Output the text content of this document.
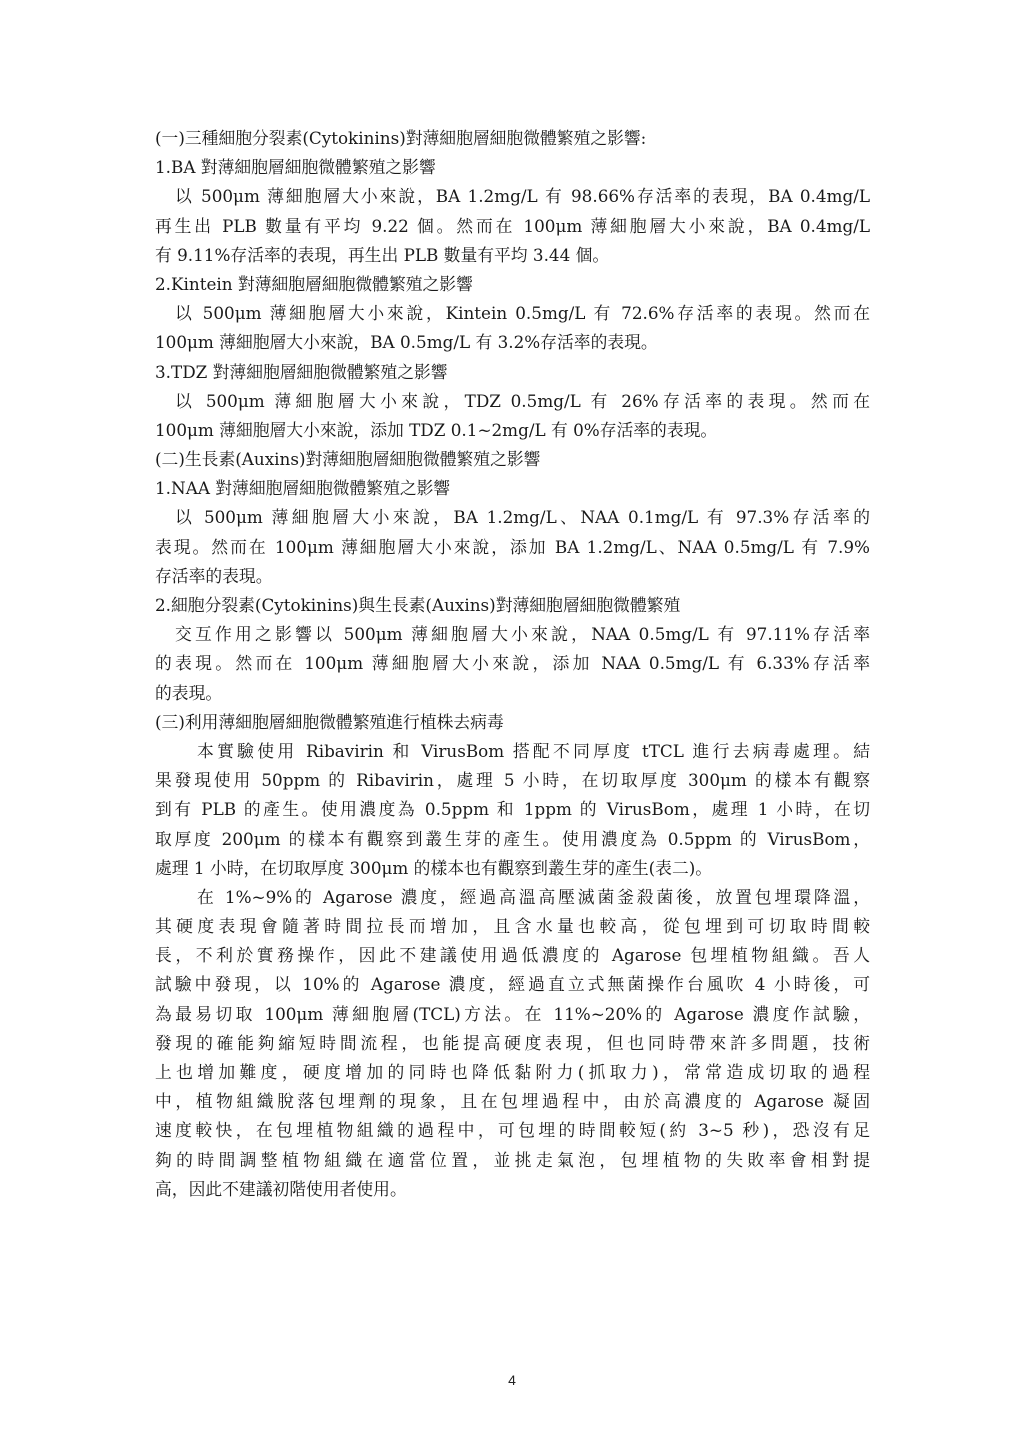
(一)三種細胞分裂素(Cytokinins)對薄細胞層細胞微體繁殖之影響:
1.BA 對薄細胞層細胞微體繁殖之影響
以 500μm 薄細胞層大小來說，BA 1.2mg/L 有 98.66%存活率的表現，BA 0.4mg/L
再生出 PLB 數量有平均 9.22 個。然而在 100μm 薄細胞層大小來說，BA 0.4mg/L
有 9.11%存活率的表現，再生出 PLB 數量有平均 3.44 個。
2.Kintein 對薄細胞層細胞微體繁殖之影響
以 500μm 薄細胞層大小來說，Kintein 0.5mg/L 有 72.6%存活率的表現。然而在
100μm 薄細胞層大小來說，BA 0.5mg/L 有 3.2%存活率的表現。
3.TDZ 對薄細胞層細胞微體繁殖之影響
以 500μm 薄細胞層大小來說，TDZ 0.5mg/L 有 26%存活率的表現。然而在
100μm 薄細胞層大小來說，添加 TDZ 0.1~2mg/L 有 0%存活率的表現。
(二)生長素(Auxins)對薄細胞層細胞微體繁殖之影響
1.NAA 對薄細胞層細胞微體繁殖之影響
以 500μm 薄細胞層大小來說，BA 1.2mg/L、NAA 0.1mg/L 有 97.3%存活率的
表現。然而在 100μm 薄細胞層大小來說，添加 BA 1.2mg/L、NAA 0.5mg/L 有 7.9%
存活率的表現。
2.細胞分裂素(Cytokinins)與生長素(Auxins)對薄細胞層細胞微體繁殖
交互作用之影響以 500μm 薄細胞層大小來說，NAA 0.5mg/L 有 97.11%存活率
的表現。然而在 100μm 薄細胞層大小來說，添加 NAA 0.5mg/L 有 6.33%存活率
的表現。
(三)利用薄細胞層細胞微體繁殖進行植株去病毒
本實驗使用 Ribavirin 和 VirusBom 搭配不同厚度 tTCL 進行去病毒處理。結
果發現使用 50ppm 的 Ribavirin，處理 5 小時，在切取厚度 300μm 的樣本有觀察
到有 PLB 的產生。使用濃度為 0.5ppm 和 1ppm 的 VirusBom，處理 1 小時，在切
取厚度 200μm 的樣本有觀察到叢生芽的產生。使用濃度為 0.5ppm 的 VirusBom，
處理 1 小時，在切取厚度 300μm 的樣本也有觀察到叢生芽的產生(表二)。
在 1%~9%的 Agarose 濃度，經過高溫高壓滅菌釜殺菌後，放置包埋環降溫，
其硬度表現會隨著時間拉長而增加，且含水量也較高，從包埋到可切取時間較
長，不利於實務操作，因此不建議使用過低濃度的 Agarose 包埋植物組織。吾人
試驗中發現，以 10%的 Agarose 濃度，經過直立式無菌操作台風吹 4 小時後，可
為最易切取 100μm 薄細胞層(TCL)方法。在 11%~20%的 Agarose 濃度作試驗，
發現的確能夠縮短時間流程，也能提高硬度表現，但也同時帶來許多問題，技術
上也增加難度，硬度增加的同時也降低黏附力(抓取力)，常常造成切取的過程
中，植物組織脫落包埋劑的現象，且在包埋過程中，由於高濃度的 Agarose 凝固
速度較快，在包埋植物組織的過程中，可包埋的時間較短(約 3~5 秒)，恐沒有足
夠的時間調整植物組織在適當位置，並挑走氣泡，包埋植物的失敗率會相對提
高，因此不建議初階使用者使用。
4
